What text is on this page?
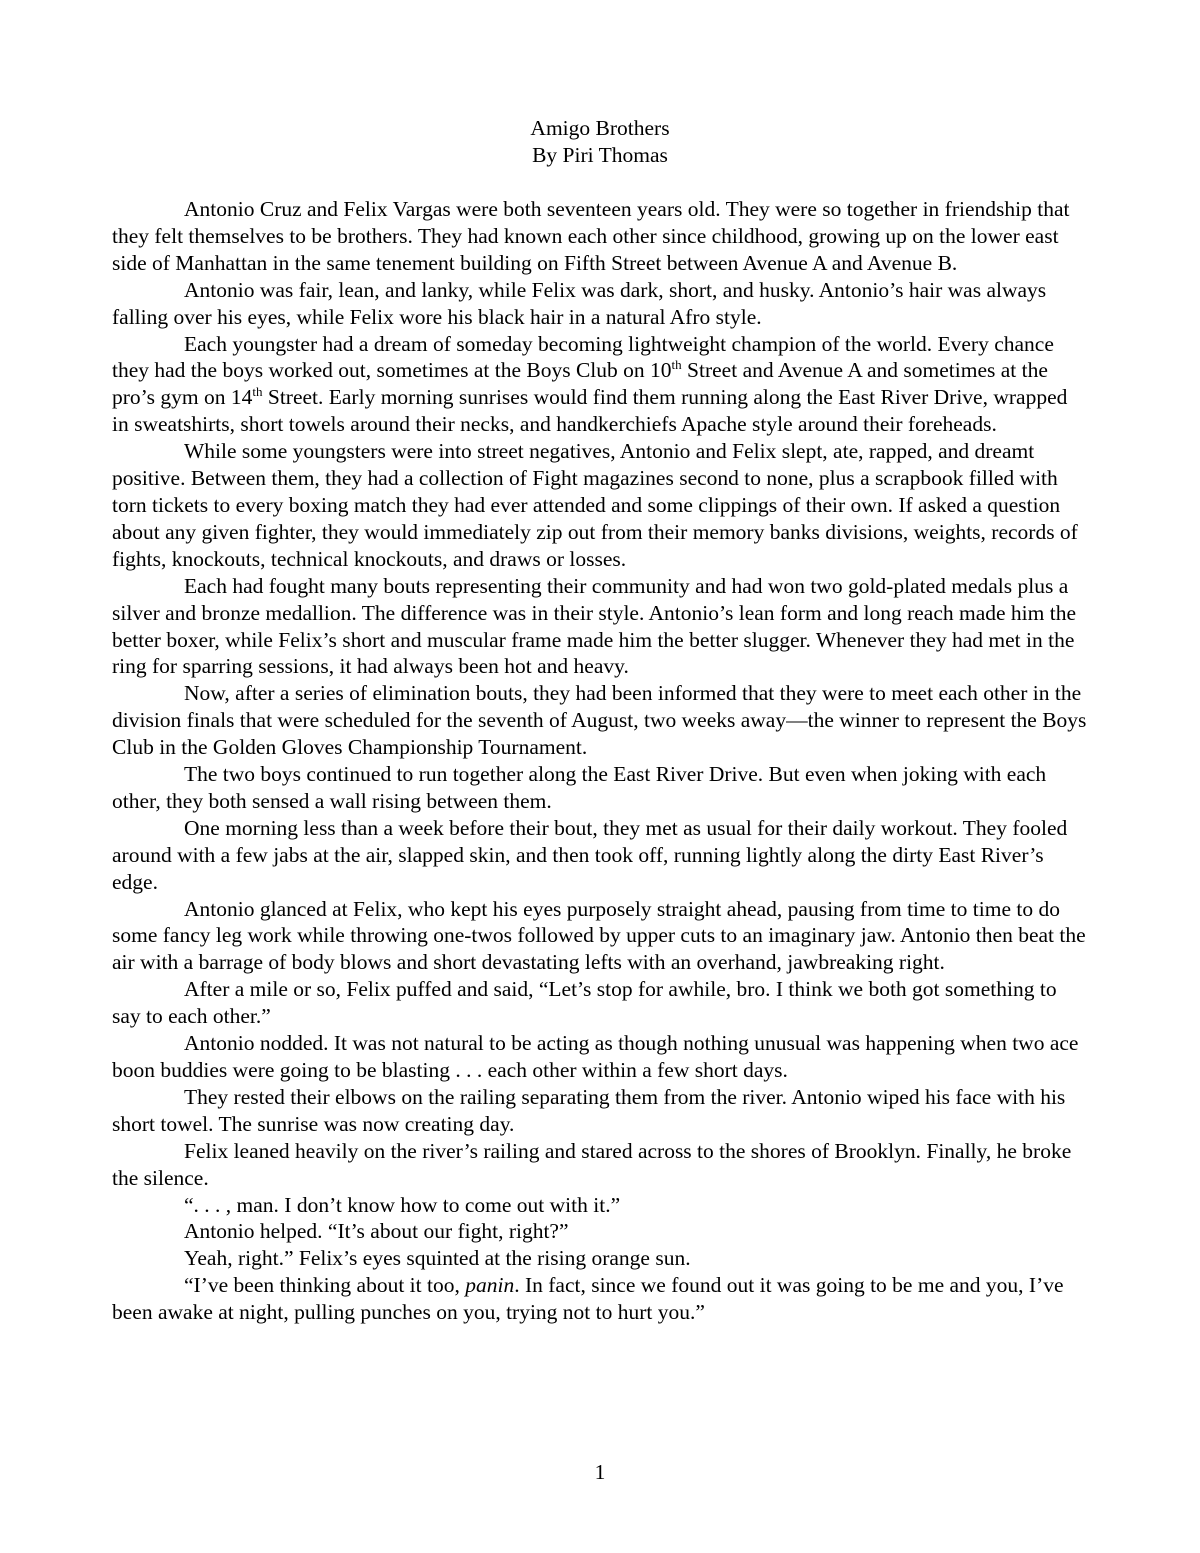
Amigo Brothers
By Piri Thomas

Antonio Cruz and Felix Vargas were both seventeen years old. They were so together in friendship that they felt themselves to be brothers. They had known each other since childhood, growing up on the lower east side of Manhattan in the same tenement building on Fifth Street between Avenue A and Avenue B.

Antonio was fair, lean, and lanky, while Felix was dark, short, and husky. Antonio’s hair was always falling over his eyes, while Felix wore his black hair in a natural Afro style.

Each youngster had a dream of someday becoming lightweight champion of the world. Every chance they had the boys worked out, sometimes at the Boys Club on 10th Street and Avenue A and sometimes at the pro’s gym on 14th Street. Early morning sunrises would find them running along the East River Drive, wrapped in sweatshirts, short towels around their necks, and handkerchiefs Apache style around their foreheads.

While some youngsters were into street negatives, Antonio and Felix slept, ate, rapped, and dreamt positive. Between them, they had a collection of Fight magazines second to none, plus a scrapbook filled with torn tickets to every boxing match they had ever attended and some clippings of their own. If asked a question about any given fighter, they would immediately zip out from their memory banks divisions, weights, records of fights, knockouts, technical knockouts, and draws or losses.

Each had fought many bouts representing their community and had won two gold-plated medals plus a silver and bronze medallion. The difference was in their style. Antonio’s lean form and long reach made him the better boxer, while Felix’s short and muscular frame made him the better slugger. Whenever they had met in the ring for sparring sessions, it had always been hot and heavy.

Now, after a series of elimination bouts, they had been informed that they were to meet each other in the division finals that were scheduled for the seventh of August, two weeks away—the winner to represent the Boys Club in the Golden Gloves Championship Tournament.

The two boys continued to run together along the East River Drive. But even when joking with each other, they both sensed a wall rising between them.

One morning less than a week before their bout, they met as usual for their daily workout. They fooled around with a few jabs at the air, slapped skin, and then took off, running lightly along the dirty East River’s edge.

Antonio glanced at Felix, who kept his eyes purposely straight ahead, pausing from time to time to do some fancy leg work while throwing one-twos followed by upper cuts to an imaginary jaw. Antonio then beat the air with a barrage of body blows and short devastating lefts with an overhand, jawbreaking right.

After a mile or so, Felix puffed and said, “Let’s stop for awhile, bro. I think we both got something to say to each other.”

Antonio nodded. It was not natural to be acting as though nothing unusual was happening when two ace boon buddies were going to be blasting . . . each other within a few short days.

They rested their elbows on the railing separating them from the river. Antonio wiped his face with his short towel. The sunrise was now creating day.

Felix leaned heavily on the river’s railing and stared across to the shores of Brooklyn. Finally, he broke the silence.

“. . . , man. I don’t know how to come out with it.”

Antonio helped. “It’s about our fight, right?”

Yeah, right.” Felix’s eyes squinted at the rising orange sun.

“I’ve been thinking about it too, panin. In fact, since we found out it was going to be me and you, I’ve been awake at night, pulling punches on you, trying not to hurt you.”

1
